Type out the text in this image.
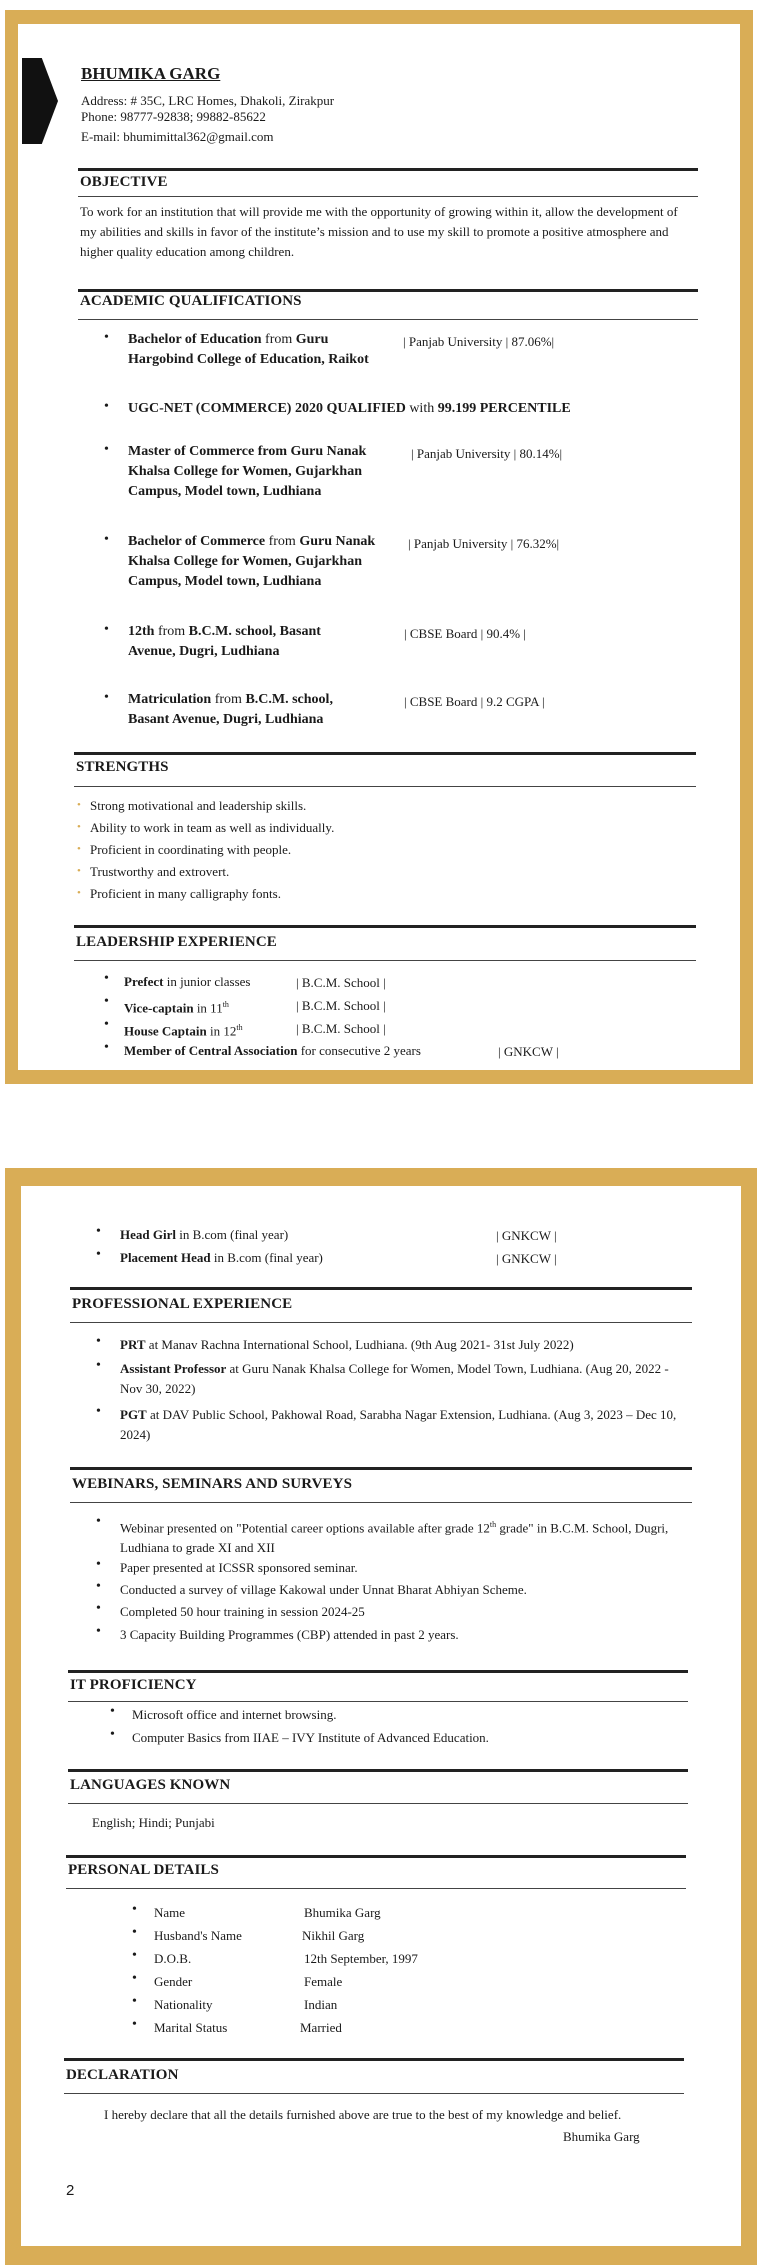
BHUMIKA GARG
Address: # 35C, LRC Homes, Dhakoli, Zirakpur
Phone: 98777-92838; 99882-85622
E-mail: bhumimittal362@gmail.com
OBJECTIVE
To work for an institution that will provide me with the opportunity of growing within it, allow the development of my abilities and skills in favor of the institute’s mission and to use my skill to promote a positive atmosphere and higher quality education among children.
ACADEMIC QUALIFICATIONS
• Bachelor of Education from Guru Hargobind College of Education, Raikot
| Panjab University | 87.06%|
• UGC-NET (COMMERCE) 2020 QUALIFIED with 99.199 PERCENTILE
• Master of Commerce from Guru Nanak Khalsa College for Women, Gujarkhan Campus, Model town, Ludhiana
| Panjab University | 80.14%|
• Bachelor of Commerce from Guru Nanak Khalsa College for Women, Gujarkhan Campus, Model town, Ludhiana
| Panjab University | 76.32%|
• 12th from B.C.M. school, Basant Avenue, Dugri, Ludhiana
| CBSE Board | 90.4% |
• Matriculation from B.C.M. school, Basant Avenue, Dugri, Ludhiana
| CBSE Board | 9.2 CGPA |
STRENGTHS
• Strong motivational and leadership skills.
• Ability to work in team as well as individually.
• Proficient in coordinating with people.
• Trustworthy and extrovert.
• Proficient in many calligraphy fonts.
LEADERSHIP EXPERIENCE
• Prefect in junior classes	| B.C.M. School |
• Vice-captain in 11th	| B.C.M. School |
• House Captain in 12th	| B.C.M. School |
• Member of Central Association for consecutive 2 years	| GNKCW |
• Head Girl in B.com (final year)	| GNKCW |
• Placement Head in B.com (final year)	| GNKCW |
PROFESSIONAL EXPERIENCE
• PRT at Manav Rachna International School, Ludhiana. (9th Aug 2021- 31st July 2022)
• Assistant Professor at Guru Nanak Khalsa College for Women, Model Town, Ludhiana. (Aug 20, 2022 - Nov 30, 2022)
• PGT at DAV Public School, Pakhowal Road, Sarabha Nagar Extension, Ludhiana. (Aug 3, 2023 – Dec 10, 2024)
WEBINARS, SEMINARS AND SURVEYS
• Webinar presented on "Potential career options available after grade 12th grade" in B.C.M. School, Dugri, Ludhiana to grade XI and XII
• Paper presented at ICSSR sponsored seminar.
• Conducted a survey of village Kakowal under Unnat Bharat Abhiyan Scheme.
• Completed 50 hour training in session 2024-25
• 3 Capacity Building Programmes (CBP) attended in past 2 years.
IT PROFICIENCY
• Microsoft office and internet browsing.
• Computer Basics from IIAE – IVY Institute of Advanced Education.
LANGUAGES KNOWN
English; Hindi; Punjabi
PERSONAL DETAILS
• Name	Bhumika Garg
• Husband's Name	Nikhil Garg
• D.O.B.	12th September, 1997
• Gender	Female
• Nationality	Indian
• Marital Status	Married
DECLARATION
I hereby declare that all the details furnished above are true to the best of my knowledge and belief.
Bhumika Garg
2
